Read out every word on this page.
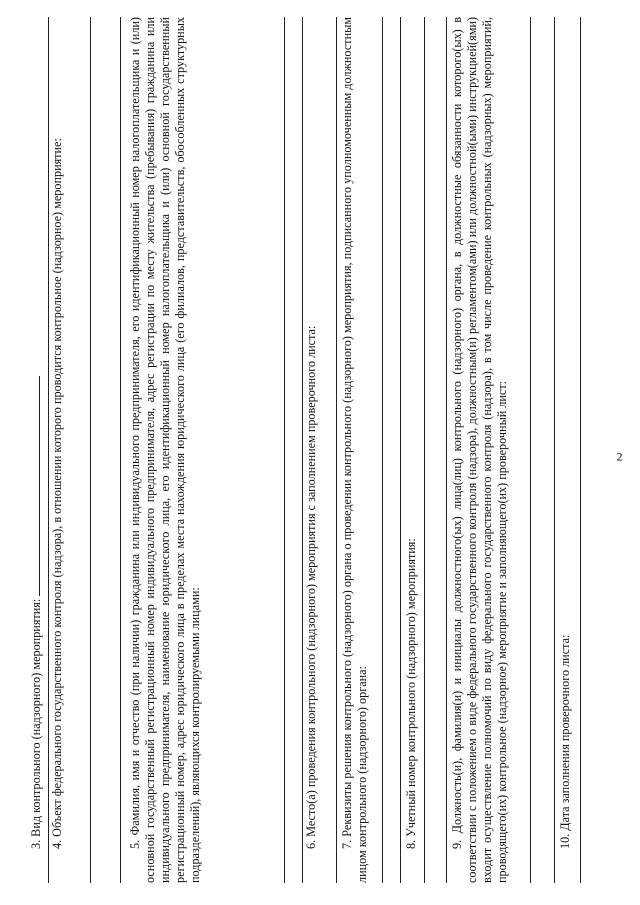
3. Вид контрольного (надзорного) мероприятия: 4. Объект федерального государственного контроля (надзора), в отношении которого проводится контрольное (надзорное) мероприятие:	5. Фамилия, имя и отчество (при наличии) гражданина или индивидуального предпринимателя, его идентификационный номер налогоплательщика и (или) основной государственный регистрационный номер индивидуального предпринимателя, адрес регистрации по месту жительства (пребывания) гражданина или индивидуального предпринимателя, наименование юридического лица, его идентификационный номер налогоплательщика и (или) основной государственный регистрационный номер, адрес юридического лица в пределах места нахождения юридического лица (его филиалов, представительств, обособленных структурных подразделений), являющихся контролируемыми лицами:	6. Место(а) проведения контрольного (надзорного) мероприятия с заполнением проверочного листа: 7. Реквизиты решения контрольного (надзорного) органа о проведении контрольного (надзорного) мероприятия, подписанного уполномоченным должностным лицом контрольного (надзорного) органа:	8. Учетный номер контрольного (надзорного) мероприятия:	9. Должность(и), фамилия(и) и инициалы должностного(ых) лица(лиц) контрольного (надзорного) органа, в должностные обязанности которого(ых) в соответствии с положением о виде федерального государственного контроля (надзора), должностным(и) регламентом(ами) или должностной(ыми) инструкцией(ями) входит осуществление полномочий по виду федерального государственного контроля (надзора), в том числе проведение контрольных (надзорных) мероприятий, проводящего(их) контрольное (надзорное) мероприятие и заполняющего(их) проверочный лист:	10. Дата заполнения проверочного листа:

2
